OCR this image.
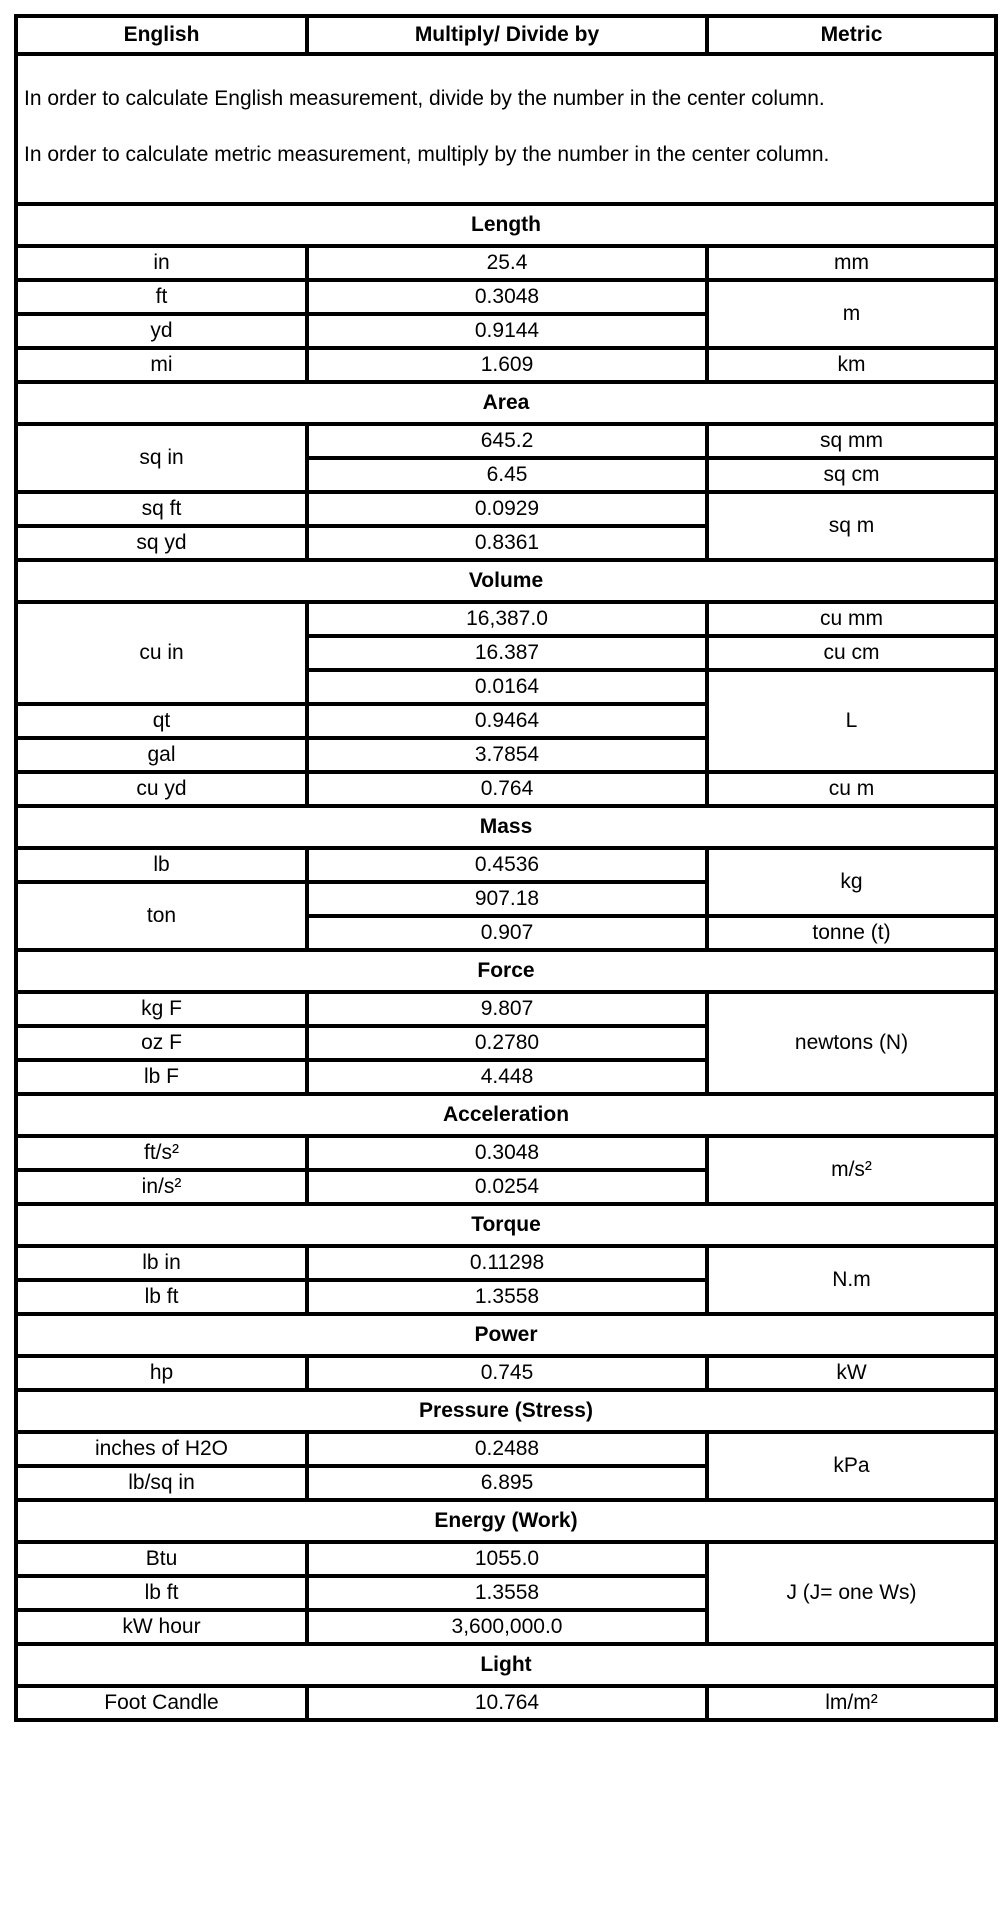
English	Multiply/ Divide by	Metric

In order to calculate English measurement, divide by the number in the center column.
In order to calculate metric measurement, multiply by the number in the center column.		

Length		
in	25.4	mm
ft	0.3048	m
yd	0.9144	
mi	1.609	km
Area		
sq in	645.2	sq mm
	6.45	sq cm
sq ft	0.0929	sq m
sq yd	0.8361	
Volume		
cu in	16,387.0	cu mm
	16.387	cu cm
	0.0164	L
qt	0.9464	
gal	3.7854	
cu yd	0.764	cu m
Mass		
lb	0.4536	kg
ton	907.18	
	0.907	tonne (t)
Force		
kg F	9.807	newtons (N)
oz F	0.2780	
lb F	4.448	
Acceleration		
ft/s²	0.3048	m/s²
in/s²	0.0254	
Torque		
lb in	0.11298	N.m
lb ft	1.3558	
Power		
hp	0.745	kW
Pressure (Stress)		
inches of H2O	0.2488	kPa
lb/sq in	6.895	
Energy (Work)		
Btu	1055.0	J (J= one Ws)
lb ft	1.3558	
kW hour	3,600,000.0	
Light		
Foot Candle	10.764	lm/m²
